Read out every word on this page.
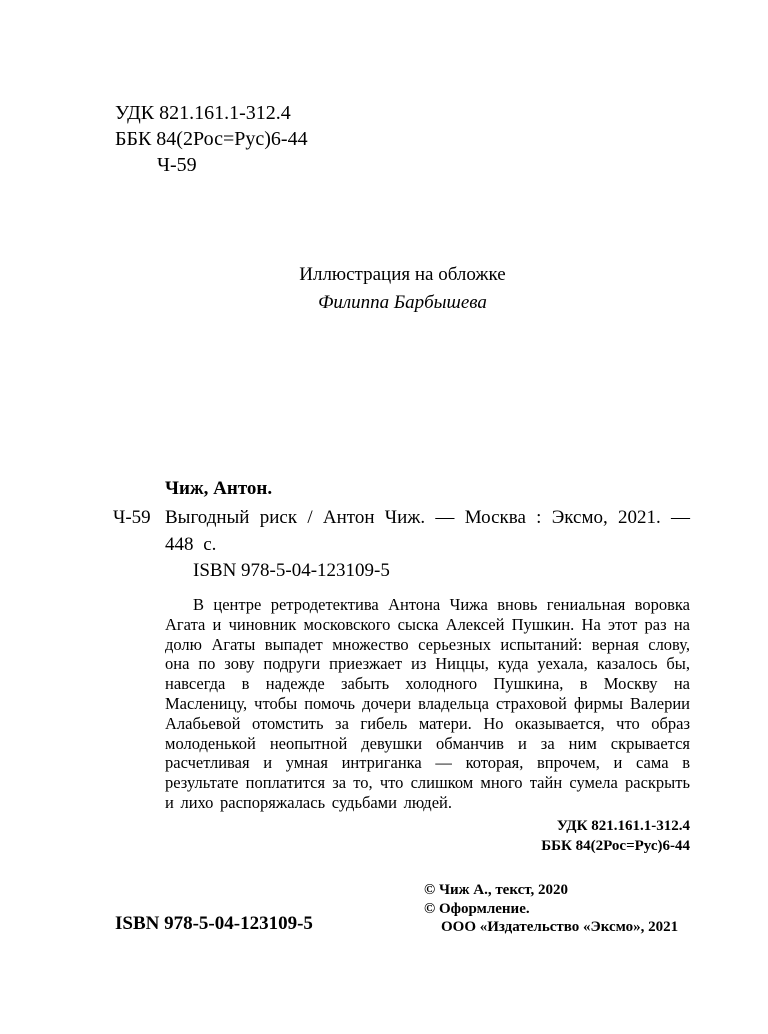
УДК 821.161.1-312.4
ББК 84(2Рос=Рус)6-44
Ч-59
Иллюстрация на обложке
Филиппа Барбышева
Чиж, Антон.
Ч-59 Выгодный риск / Антон Чиж. — Москва : Эксмо, 2021. — 448 с.
ISBN 978-5-04-123109-5

В центре ретродетектива Антона Чижа вновь гениальная воровка Агата и чиновник московского сыска Алексей Пушкин. На этот раз на долю Агаты выпадет множество серьезных испытаний: верная слову, она по зову подруги приезжает из Ниццы, куда уехала, казалось бы, навсегда в надежде забыть холодного Пушкина, в Москву на Масленицу, чтобы помочь дочери владельца страховой фирмы Валерии Алабьевой отомстить за гибель матери. Но оказывается, что образ молоденькой неопытной девушки обманчив и за ним скрывается расчетливая и умная интриганка — которая, впрочем, и сама в результате поплатится за то, что слишком много тайн сумела раскрыть и лихо распоряжалась судьбами людей.

УДК 821.161.1-312.4
ББК 84(2Рос=Рус)6-44
© Чиж А., текст, 2020
© Оформление.
ООО «Издательство «Эксмо», 2021
ISBN 978-5-04-123109-5
